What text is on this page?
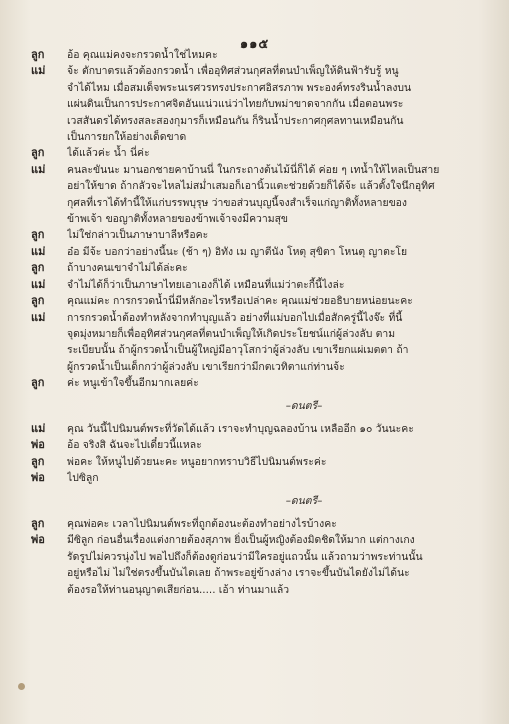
๑๑๕
ลูก	อ้อ คุณแม่คงจะกรวดน้ำใช่ไหมคะ
แม่	จ้ะ ตักบาตรแล้วต้องกรวดน้ำ เพื่ออุทิศส่วนกุศลที่ตนบำเพ็ญให้ดินฟ้ารับรู้ หนู
จำได้ไหม เมื่อสมเด็จพระนเรศวรทรงประกาศอิสรภาพ พระองค์ทรงรินน้ำลงบน
แผ่นดินเป็นการประกาศจิตอันแน่วแน่ว่าไทยกับพม่าขาดจากกัน เมื่อตอนพระ
เวสสันดรได้ทรงสละสองกุมารก็เหมือนกัน ก็รินน้ำประกาศกุศลทานเหมือนกัน
เป็นการยกให้อย่างเด็ดขาด
ลูก	ได้แล้วค่ะ น้ำ นี่ค่ะ
แม่	คนละขันนะ มานอกชายคาบ้านนี่ ในกระถางต้นไม้นี่ก็ได้ ค่อย ๆ เทน้ำให้ไหลเป็นสาย
อย่าให้ขาด ถ้ากลัวจะไหลไม่สม่ำเสมอก็เอานิ้วแตะช่วยด้วยก็ได้จ้ะ แล้วตั้งใจนึกอุทิศ
กุศลที่เราได้ทำนี้ให้แก่บรรพบุรุษ ว่าขอส่วนบุญนี้จงสำเร็จแก่ญาติทั้งหลายของ
ข้าพเจ้า ขอญาติทั้งหลายของข้าพเจ้าจงมีความสุข
ลูก	ไม่ใช่กล่าวเป็นภาษาบาลีหรือคะ
แม่	อ๋อ มีจ้ะ บอกว่าอย่างนี้นะ (ช้า ๆ) อิทัง เม ญาตีนัง โหตุ สุขิตา โหนตุ ญาตะโย
ลูก	ถ้าบางคนเขาจำไม่ได้ล่ะคะ
แม่	จำไม่ได้ก็ว่าเป็นภาษาไทยเอาเองก็ได้ เหมือนที่แม่ว่าตะกี้นี้ไงล่ะ
ลูก	คุณแม่คะ การกรวดน้ำนี่มีหลักอะไรหรือเปล่าคะ คุณแม่ช่วยอธิบายหน่อยนะคะ
แม่	การกรวดน้ำต้องทำหลังจากทำบุญแล้ว อย่างที่แม่บอกไปเมื่อสักครู่นี้ไงจ๊ะ ที่นี้
จุดมุ่งหมายก็เพื่ออุทิศส่วนกุศลที่ตนบำเพ็ญให้เกิดประโยชน์แก่ผู้ล่วงลับ ตาม
ระเบียบนั้น ถ้าผู้กรวดน้ำเป็นผู้ใหญ่มีอาวุโสกว่าผู้ล่วงลับ เขาเรียกแผ่เมตตา ถ้า
ผู้กรวดน้ำเป็นเด็กกว่าผู้ล่วงลับ เขาเรียกว่ามีกตเวทิตาแก่ท่านจ้ะ
ลูก	ค่ะ หนูเข้าใจขึ้นอีกมากเลยค่ะ
–ดนตรี–
แม่	คุณ วันนี้ไปนิมนต์พระที่วัดได้แล้ว เราจะทำบุญฉลองบ้าน เหลืออีก ๑๐ วันนะคะ
พ่อ	อ้อ จริงสิ ฉันจะไปเดี๋ยวนี้แหละ
ลูก	พ่อคะ ให้หนูไปด้วยนะคะ หนูอยากทราบวิธีไปนิมนต์พระค่ะ
พ่อ	ไปซิลูก
–ดนตรี–
ลูก	คุณพ่อคะ เวลาไปนิมนต์พระที่ถูกต้องนะต้องทำอย่างไรบ้างคะ
พ่อ	มีซิลูก ก่อนอื่นเรื่องแต่งกายต้องสุภาพ ยิ่งเป็นผู้หญิงต้องมิดชิดให้มาก แต่กางเกง
รัดรูปไม่ควรนุ่งไป พอไปถึงก็ต้องดูก่อนว่ามีใครอยู่แถวนั้น แล้วถามว่าพระท่านนั้น
อยู่หรือไม่ ไม่ใช่ตรงขึ้นบันไดเลย ถ้าพระอยู่ข้างล่าง เราจะขึ้นบันไดยังไม่ได้นะ
ต้องรอให้ท่านอนุญาตเสียก่อน..... เอ้า ท่านมาแล้ว
